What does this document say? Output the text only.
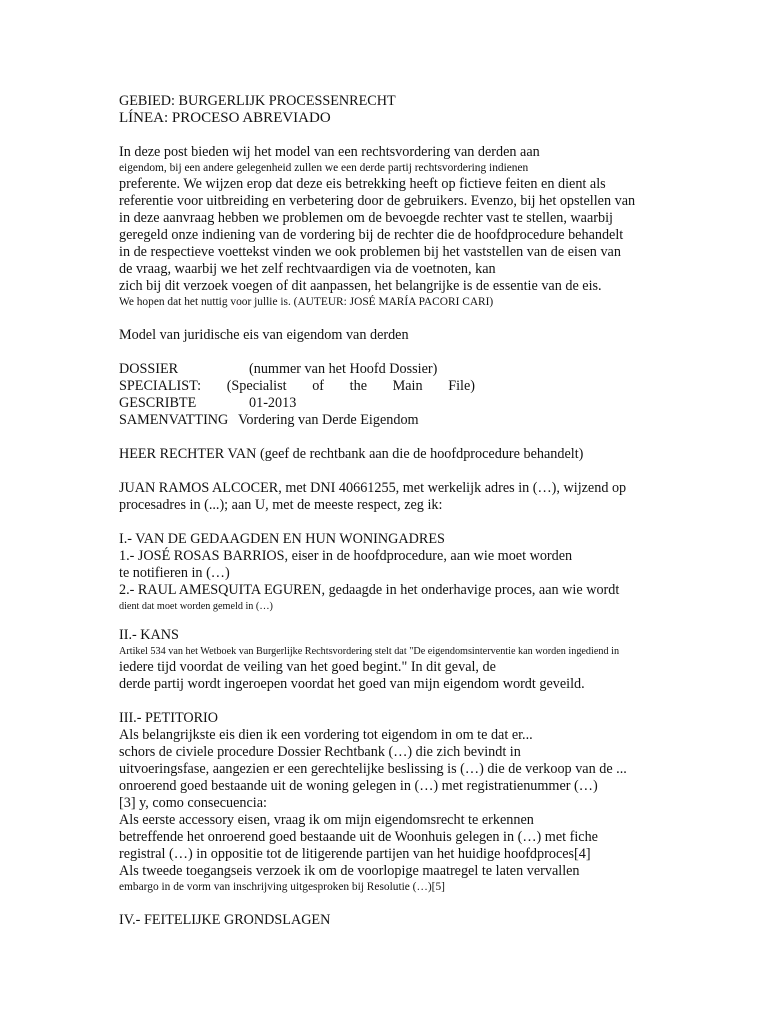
GEBIED: BURGERLIJK PROCESSENRECHT
LÍNEA: PROCESO ABREVIADO
In deze post bieden wij het model van een rechtsvordering van derden aan
eigendom, bij een andere gelegenheid zullen we een derde partij rechtsvordering indienen
preferente. We wijzen erop dat deze eis betrekking heeft op fictieve feiten en dient als
referentie voor uitbreiding en verbetering door de gebruikers. Evenzo, bij het opstellen van
in deze aanvraag hebben we problemen om de bevoegde rechter vast te stellen, waarbij
geregeld onze indiening van de vordering bij de rechter die de hoofdprocedure behandelt
in de respectieve voettekst vinden we ook problemen bij het vaststellen van de eisen van
de vraag, waarbij we het zelf rechtvaardigen via de voetnoten, kan
zich bij dit verzoek voegen of dit aanpassen, het belangrijke is de essentie van de eis.
We hopen dat het nuttig voor jullie is. (AUTEUR: JOSÉ MARÍA PACORI CARI)
Model van juridische eis van eigendom van derden
DOSSIER	(nummer van het Hoofd Dossier)
SPECIALIST: (Specialist of the Main File)
GESCRIBTE	01-2013
SAMENVATTING Vordering van Derde Eigendom
HEER RECHTER VAN (geef de rechtbank aan die de hoofdprocedure behandelt)
JUAN RAMOS ALCOCER, met DNI 40661255, met werkelijk adres in (…), wijzend op
procesadres in (...); aan U, met de meeste respect, zeg ik:
I.- VAN DE GEDAAGDEN EN HUN WONINGADRES
1.- JOSÉ ROSAS BARRIOS, eiser in de hoofdprocedure, aan wie moet worden
te notifieren in (…)
2.- RAUL AMESQUITA EGUREN, gedaagde in het onderhavige proces, aan wie wordt
dient dat moet worden gemeld in (…)
II.- KANS
Artikel 534 van het Wetboek van Burgerlijke Rechtsvordering stelt dat "De eigendomsinterventie kan worden ingediend in
iedere tijd voordat de veiling van het goed begint." In dit geval, de
derde partij wordt ingeroepen voordat het goed van mijn eigendom wordt geveild.
III.- PETITORIO
Als belangrijkste eis dien ik een vordering tot eigendom in om te dat er...
schors de civiele procedure Dossier Rechtbank (…) die zich bevindt in
uitvoeringsfase, aangezien er een gerechtelijke beslissing is (…) die de verkoop van de ...
onroerend goed bestaande uit de woning gelegen in (…) met registratienummer (…)
[3] y, como consecuencia:
Als eerste accessory eisen, vraag ik om mijn eigendomsrecht te erkennen
betreffende het onroerend goed bestaande uit de Woonhuis gelegen in (…) met fiche
registral (…) in oppositie tot de litigerende partijen van het huidige hoofdproces[4]
Als tweede toegangseis verzoek ik om de voorlopige maatregel te laten vervallen
embargo in de vorm van inschrijving uitgesproken bij Resolutie (…)[5]
IV.- FEITELIJKE GRONDSLAGEN
